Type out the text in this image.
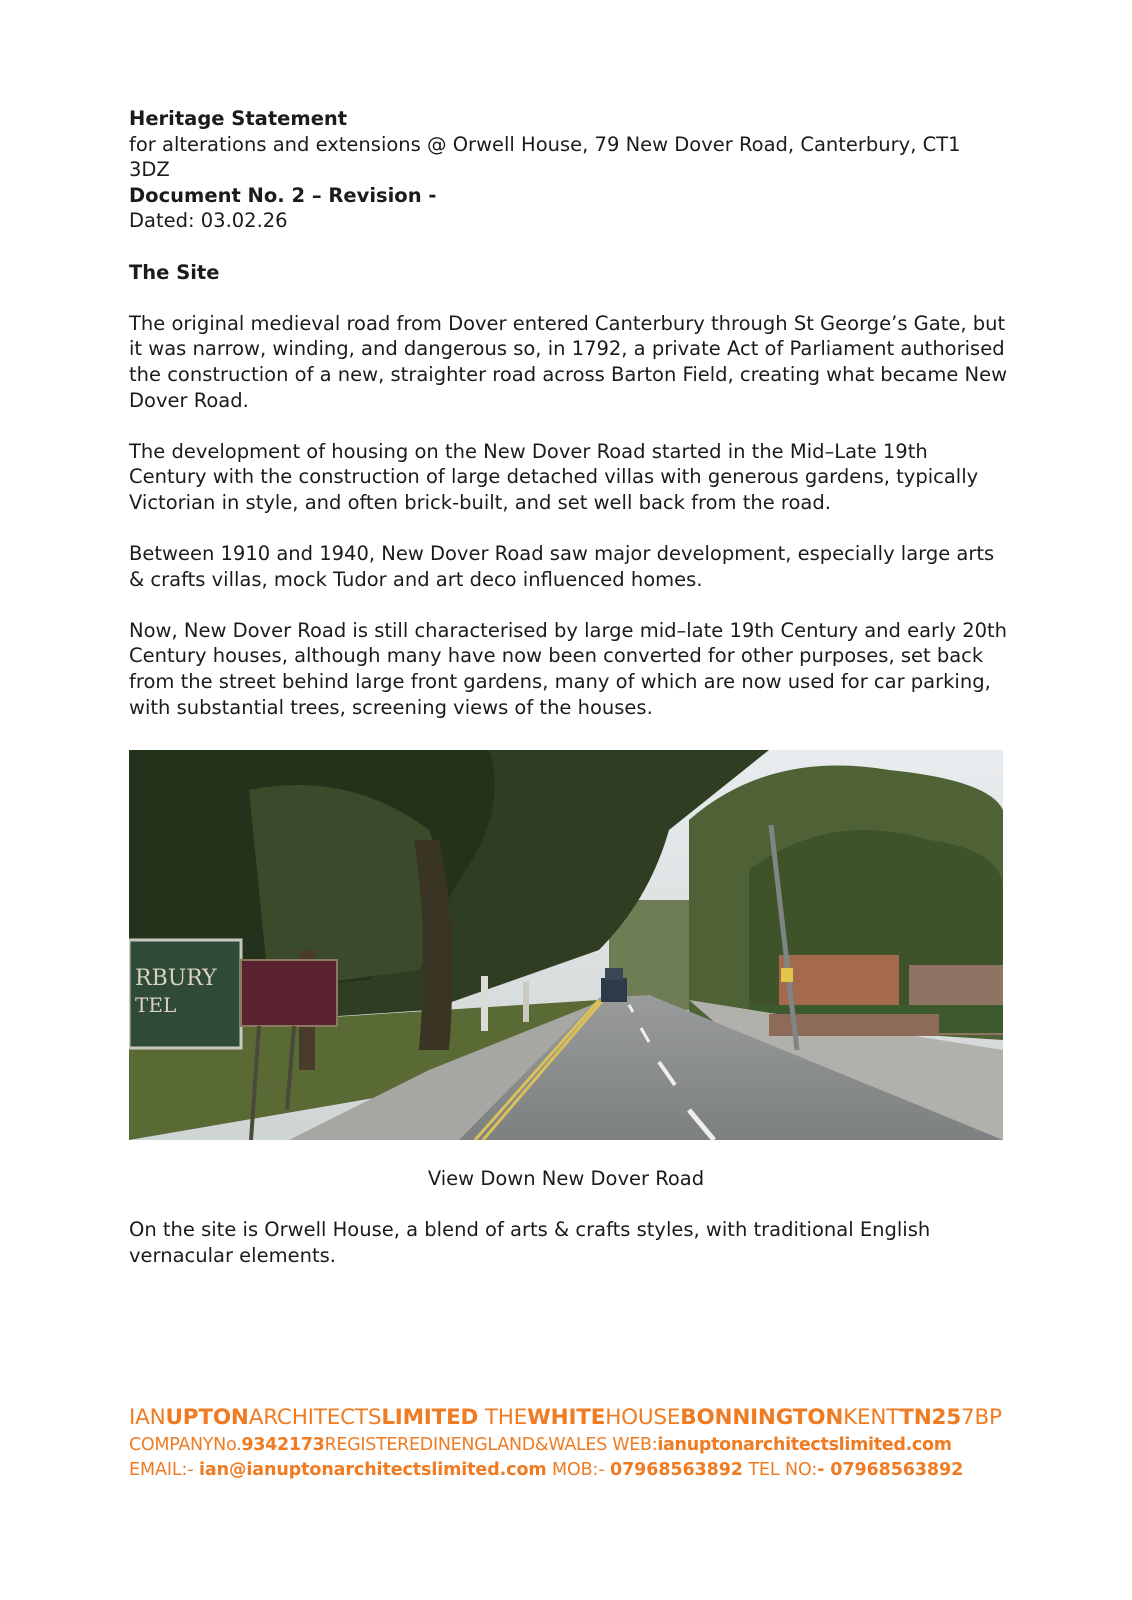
Heritage Statement

for alterations and extensions @ Orwell House, 79 New Dover Road, Canterbury, CT1

3DZ

Document No. 2 – Revision -

Dated: 03.02.26

The Site

The original medieval road from Dover entered Canterbury through St George’s Gate, but it was narrow, winding, and dangerous so, in 1792, a private Act of Parliament authorised the construction of a new, straighter road across Barton Field, creating what became New Dover Road.

The development of housing on the New Dover Road started in the Mid–Late 19th Century with the construction of large detached villas with generous gardens, typically Victorian in style, and often brick-built, and set well back from the road.

Between 1910 and 1940, New Dover Road saw major development, especially large arts & crafts villas, mock Tudor and art deco influenced homes.

Now, New Dover Road is still characterised by large mid–late 19th Century and early 20th Century houses, although many have now been converted for other purposes, set back from the street behind large front gardens, many of which are now used for car parking, with substantial trees, screening views of the houses.

RBURY
TEL
View Down New Dover Road

On the site is Orwell House, a blend of arts & crafts styles, with traditional English vernacular elements.

IANUPTONARCHITECTSLIMITED THEWHITEHOUSEBONNINGTONKENTTN257BP
COMPANYNo.9342173REGISTEREDINENGLAND&WALES WEB:ianuptonarchitectslimited.com
EMAIL:- ian@ianuptonarchitectslimited.com MOB:- 07968563892 TEL NO:- 07968563892
